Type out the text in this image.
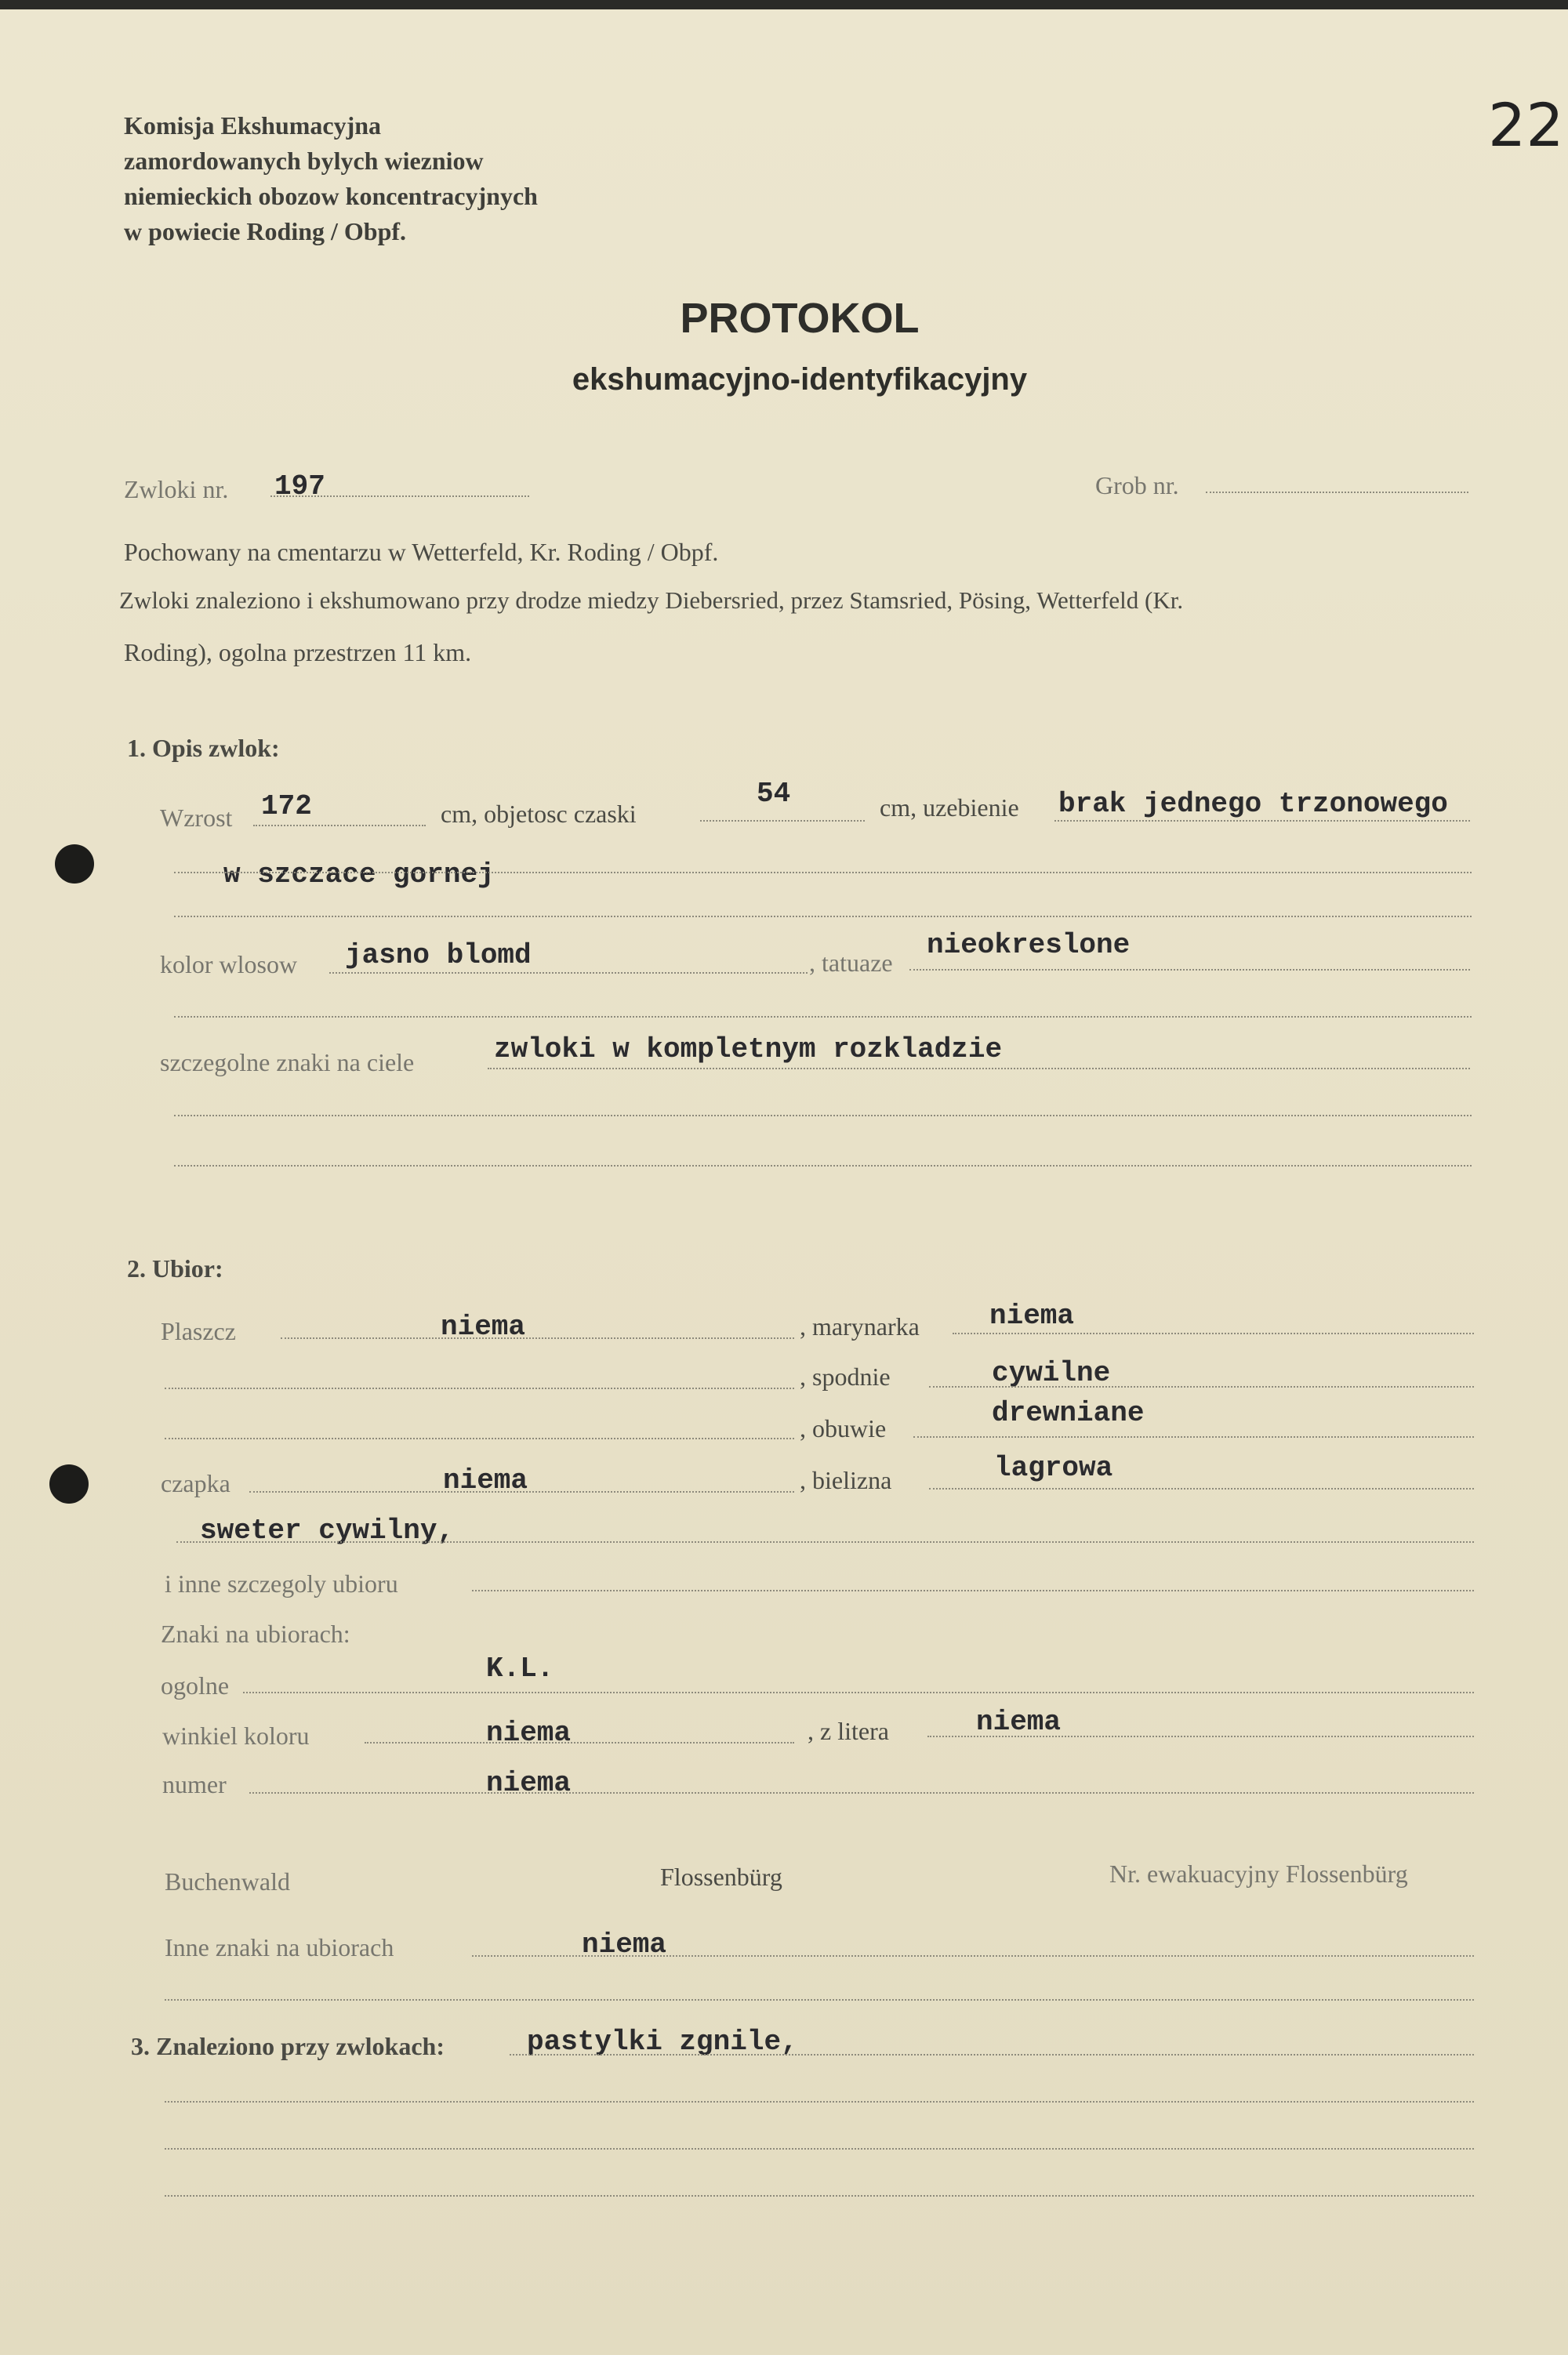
22
Komisja Ekshumacyjna
zamordowanych bylych wiezniow
niemieckich obozow koncentracyjnych
w powiecie Roding / Obpf.
PROTOKOL
ekshumacyjno-identyfikacyjny
Zwloki nr. 197	Grob nr.
Pochowany na cmentarzu w Wetterfeld, Kr. Roding / Obpf.
Zwloki znaleziono i ekshumowano przy drodze miedzy Diebersried, przez Stamsried, Pösing, Wetterfeld (Kr.
Roding), ogolna przestrzen 11 km.
1. Opis zwlok:
Wzrost 172	cm, objetosc czaski
54	cm, uzebienie brak jednego trzonowego
w szczace gornej
kolor wlosow jasno blomd	, tatuaze
nieokreslone
szczegolne znaki na ciele	zwloki w kompletnym rozkladzie
2. Ubior:
Plaszcz	niema	, marynarka niema
, spodnie	cywilne
, obuwie	drewniane
czapka	niema	, bielizna	lagrowa
sweter cywilny,
i inne szczegoly ubioru
Znaki na ubiorach:
ogolne
K.L.
winkiel koloru	niema	, z litera	niema
numer	niema
Buchenwald	Flossenbürg	Nr. ewakuacyjny Flossenbürg
Inne znaki na ubiorach	niema
3. Znaleziono przy zwlokach:	pastylki zgnile,
